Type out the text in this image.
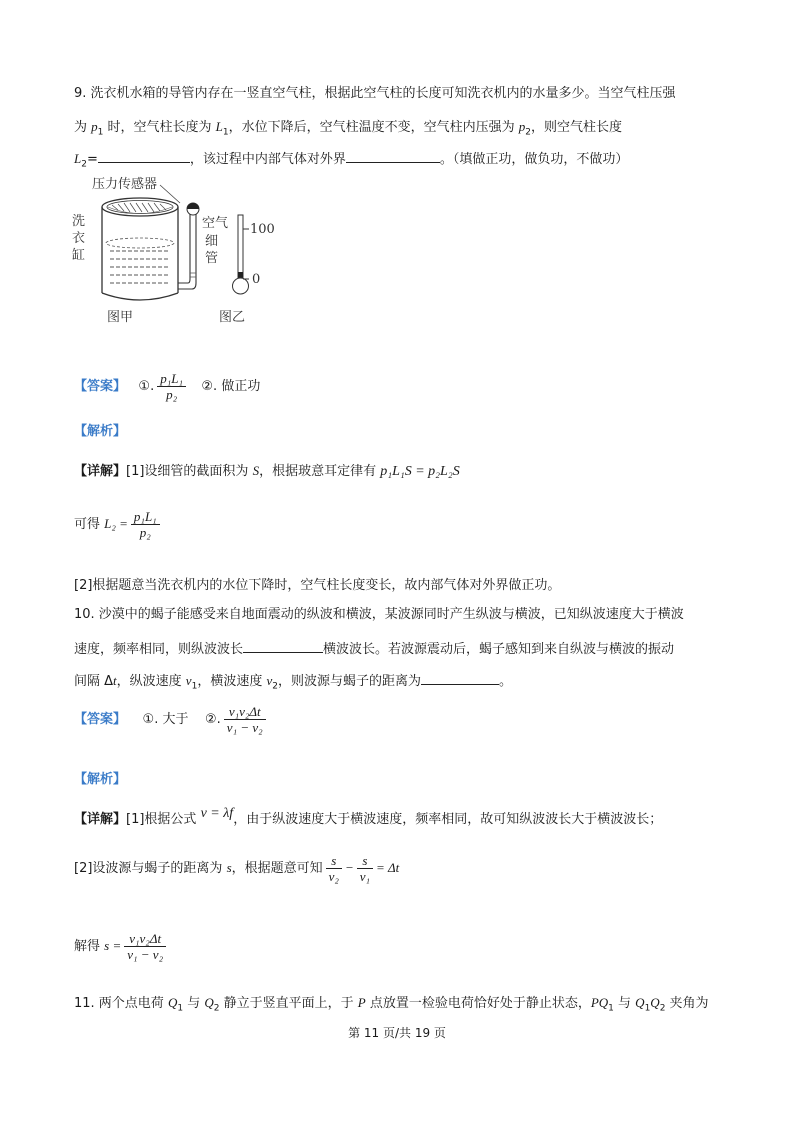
9. 洗衣机水箱的导管内存在一竖直空气柱，根据此空气柱的长度可知洗衣机内的水量多少。当空气柱压强
为 $p_1$ 时，空气柱长度为 $L_1$，水位下降后，空气柱温度不变，空气柱内压强为 $p_2$，则空气柱长度
$L_2=$	，该过程中内部气体对外界	。（填做正功，做负功，不做功）
压力传感器
洗
衣
缸
空气
细
管
100
0
图甲	图乙
【答案】 ①. $\frac{\text{p₁L₁}}{\text{p₂}}$ ②. 做正功
【解析】
【详解】[1]设细管的截面积为 S，根据玻意耳定律有 p₁L₁S = p₂L₂S
可得 $L_2 = \frac{\text{p₁L₁}}{\text{p₂}}$
[2]根据题意当洗衣机内的水位下降时，空气柱长度变长，故内部气体对外界做正功。
10. 沙漠中的蝎子能感受来自地面震动的纵波和横波，某波源同时产生纵波与横波，已知纵波速度大于横波
速度，频率相同，则纵波波长	横波波长。若波源震动后，蝎子感知到来自纵波与横波的振动
间隔 Δt，纵波速度 $v_1$，横波速度 $v_2$，则波源与蝎子的距离为	。
【答案】 ①. 大于 ②. $\frac{\text{v₁v₂Δt}}{\text{v₁ − v₂}}$
【解析】
【详解】[1]根据公式 v = λf，由于纵波速度大于横波速度，频率相同，故可知纵波波长大于横波波长；
[2]设波源与蝎子的距离为 s，根据题意可知 $\frac{s}{\text{v₂}} - \frac{s}{\text{v₁}} = \Delta t$
解得 $s = \frac{\text{v₁v₂Δt}}{\text{v₁ − v₂}}$
11. 两个点电荷 $Q_1$ 与 $Q_2$ 静立于竖直平面上，于 P 点放置一检验电荷恰好处于静止状态，$PQ_1$ 与 $Q_1Q_2$ 夹角为
第 11 页/共 19 页
